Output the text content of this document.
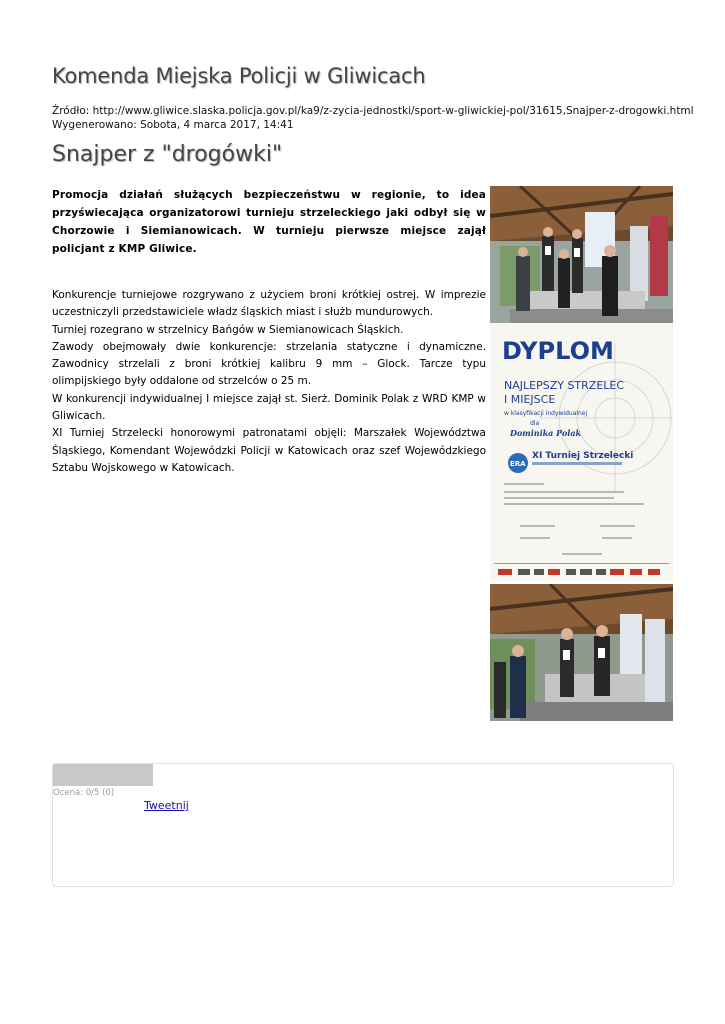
Komenda Miejska Policji w Gliwicach
Źródło: http://www.gliwice.slaska.policja.gov.pl/ka9/z-zycia-jednostki/sport-w-gliwickiej-pol/31615,Snajper-z-drogowki.html
Wygenerowano: Sobota, 4 marca 2017, 14:41
Snajper z "drogówki"

Promocja działań służących bezpieczeństwu w regionie, to idea przyświecająca organizatorowi turnieju strzeleckiego jaki odbył się w Chorzowie i Siemianowicach. W turnieju pierwsze miejsce zajął policjant z KMP Gliwice.

Konkurencje turniejowe rozgrywano z użyciem broni krótkiej ostrej. W imprezie uczestniczyli przedstawiciele władz śląskich miast i służb mundurowych.

Turniej rozegrano w strzelnicy Bańgów w Siemianowicach Śląskich.

Zawody obejmowały dwie konkurencje: strzelania statyczne i dynamiczne. Zawodnicy strzelali z broni krótkiej kalibru 9 mm – Glock. Tarcze typu olimpijskiego były oddalone od strzelców o 25 m.

W konkurencji indywidualnej I miejsce zajął st. Sierż. Dominik Polak z WRD KMP w Gliwicach.

XI Turniej Strzelecki honorowymi patronatami objęli: Marszałek Województwa Śląskiego, Komendant Wojewódzki Policji w Katowicach oraz szef Wojewódzkiego Sztabu Wojskowego w Katowicach.

DYPLOM
NAJLEPSZY STRZELEC
I MIEJSCE
w klasyfikacji indywidualnej
dla
Dominika Polak
ERA
XI Turniej Strzelecki
Ocena: 0/5 (0)
Tweetnij
